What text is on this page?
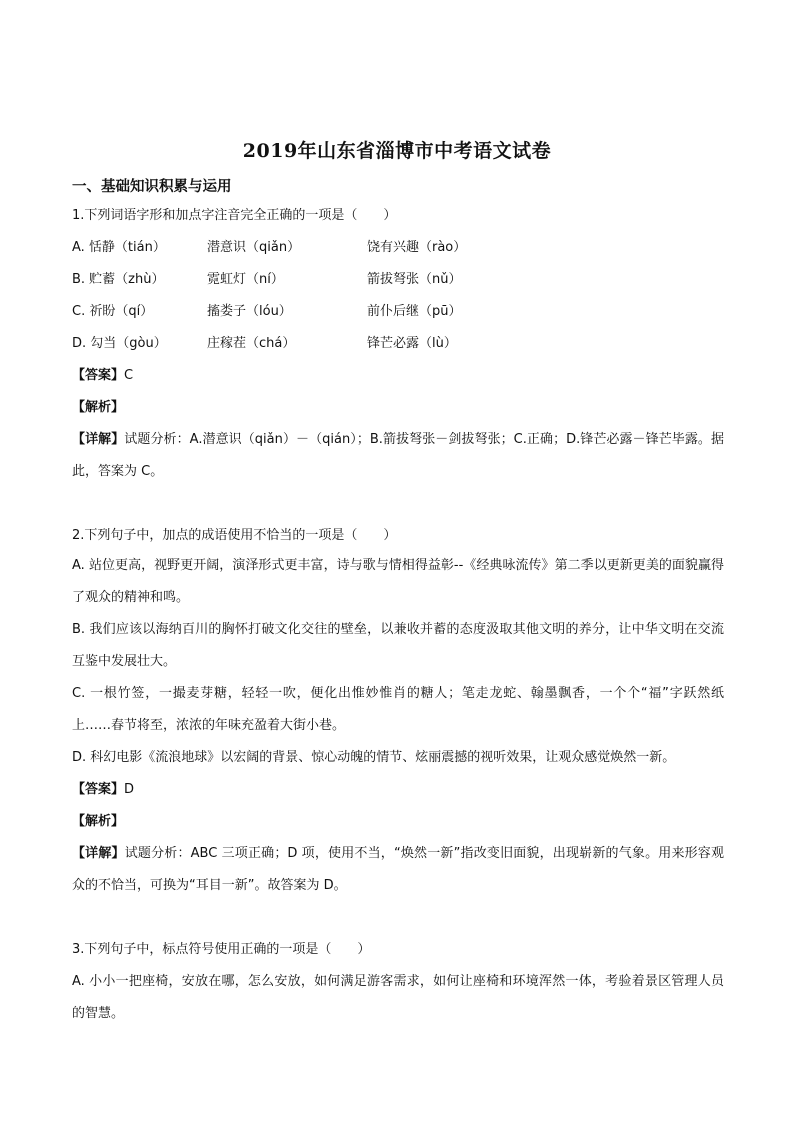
2019年山东省淄博市中考语文试卷
一、基础知识积累与运用
1.下列词语字形和加点字注音完全正确的一项是（　　）
A. 恬静（tián）	潜意识（qiǎn）	饶有兴趣（rào）
B. 贮蓄（zhù）	霓虹灯（ní）	箭拔弩张（nǔ）
C. 祈盼（qí）	搐娄子（lóu）	前仆后继（pū）
D. 勾当（gòu）	庄稼茬（chá）	锋芒必露（lù）
【答案】C
【解析】
【详解】试题分析：A.潜意识（qiǎn）－（qián）；B.箭拔弩张－剑拔弩张；C.正确；D.锋芒必露－锋芒毕露。据此，答案为 C。
2.下列句子中，加点的成语使用不恰当的一项是（　　）
A. 站位更高，视野更开阔，演泽形式更丰富，诗与歌与情相得益彰--《经典咏流传》第二季以更新更美的面貌赢得了观众的精神和鸣。
B. 我们应该以海纳百川的胸怀打破文化交往的壁垒，以兼收并蓄的态度汲取其他文明的养分，让中华文明在交流互鉴中发展壮大。
C. 一根竹签，一撮麦芽糖，轻轻一吹，便化出惟妙惟肖的糖人；笔走龙蛇、翰墨飘香，一个个“福”字跃然纸上……春节将至，浓浓的年味充盈着大街小巷。
D. 科幻电影《流浪地球》以宏阔的背景、惊心动魄的情节、炫丽震撼的视听效果，让观众感觉焕然一新。
【答案】D
【解析】
【详解】试题分析：ABC 三项正确；D 项，使用不当，“焕然一新”指改变旧面貌，出现崭新的气象。用来形容观众的不恰当，可换为“耳目一新”。故答案为 D。
3.下列句子中，标点符号使用正确的一项是（　　）
A. 小小一把座椅，安放在哪，怎么安放，如何满足游客需求，如何让座椅和环境浑然一体，考验着景区管理人员的智慧。
